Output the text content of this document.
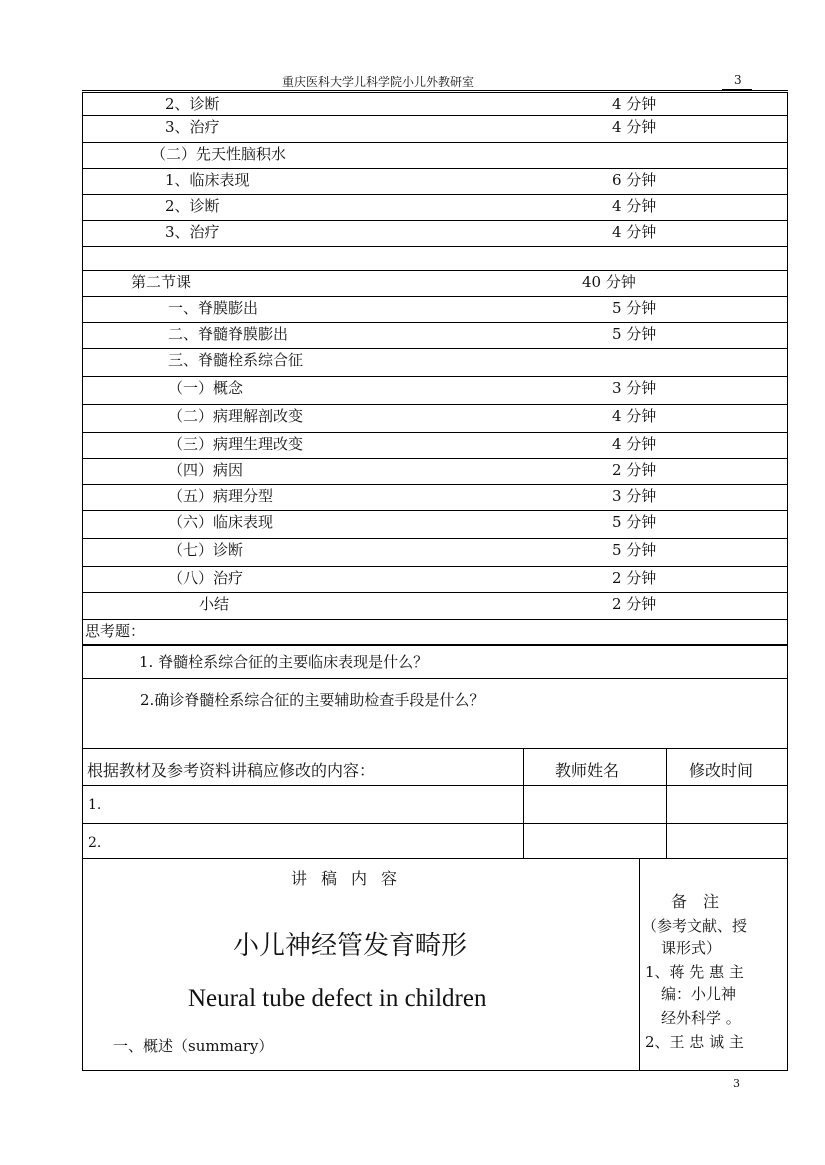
重庆医科大学儿科学院小儿外教研室	3
2、诊断	4 分钟
3、治疗	4 分钟
（二）先天性脑积水
1、临床表现	6 分钟
2、诊断	4 分钟
3、治疗	4 分钟
第二节课	40 分钟
一、脊膜膨出	5 分钟
二、脊髓脊膜膨出	5 分钟
三、脊髓栓系综合征
（一）概念	3 分钟
（二）病理解剖改变	4 分钟
（三）病理生理改变	4 分钟
（四）病因	2 分钟
（五）病理分型	3 分钟
（六）临床表现	5 分钟
（七）诊断	5 分钟
（八）治疗	2 分钟
小结	2 分钟
思考题：
1. 脊髓栓系综合征的主要临床表现是什么？
2.确诊脊髓栓系综合征的主要辅助检查手段是什么？
根据教材及参考资料讲稿应修改的内容：	教师姓名	修改时间
1.
2.
讲稿内容
小儿神经管发育畸形
Neural tube defect in children
一、概述（summary）
备　注
（参考文献、授
课形式）
1、蒋 先 惠 主
编：小儿神
经外科学 。
2、王 忠 诚 主
3
